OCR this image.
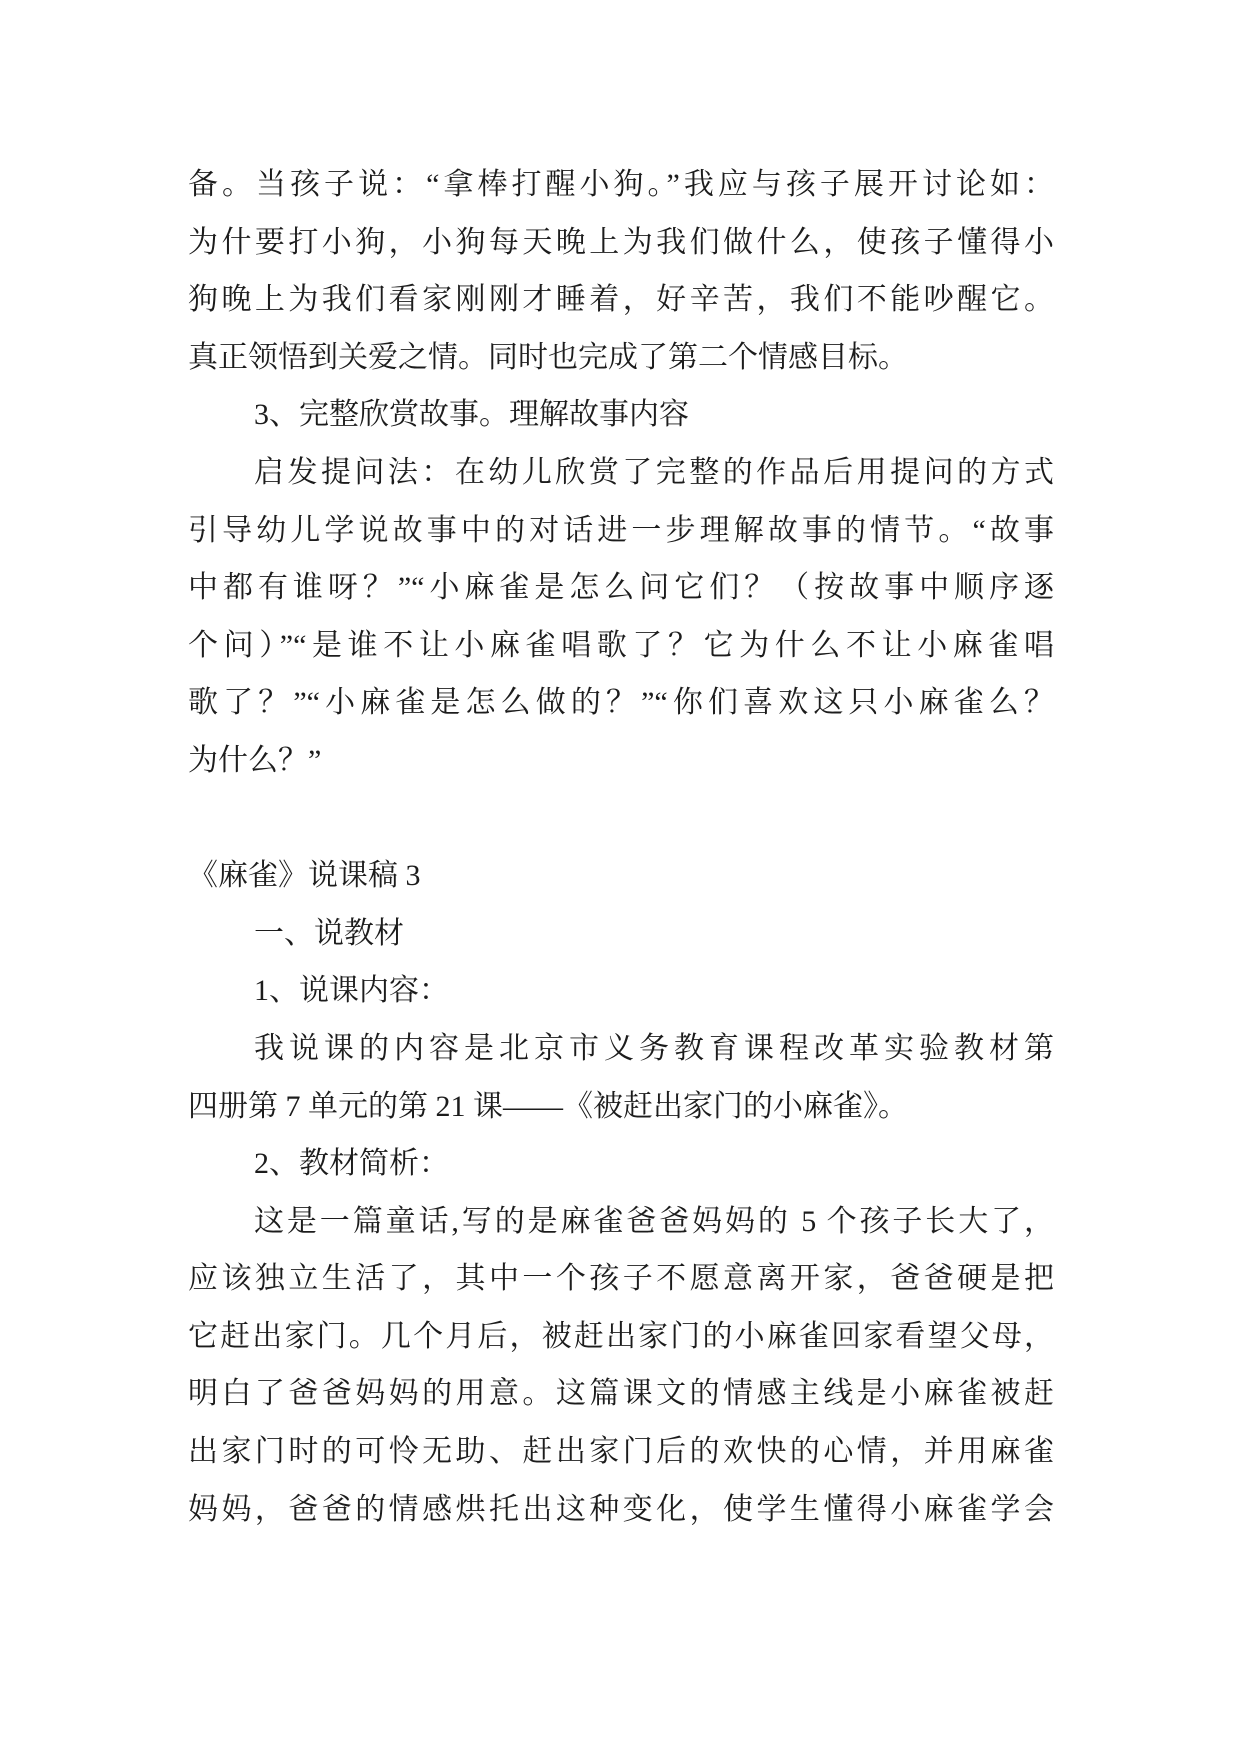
备。当孩子说：“拿棒打醒小狗。”我应与孩子展开讨论如：
为什要打小狗，小狗每天晚上为我们做什么，使孩子懂得小
狗晚上为我们看家刚刚才睡着，好辛苦，我们不能吵醒它。
真正领悟到关爱之情。同时也完成了第二个情感目标。
3、完整欣赏故事。理解故事内容
启发提问法：在幼儿欣赏了完整的作品后用提问的方式
引导幼儿学说故事中的对话进一步理解故事的情节。“故事
中都有谁呀？”“小麻雀是怎么问它们？（按故事中顺序逐
个问）”“是谁不让小麻雀唱歌了？它为什么不让小麻雀唱
歌了？”“小麻雀是怎么做的？”“你们喜欢这只小麻雀么？
为什么？”
《麻雀》说课稿 3
一、说教材
1、说课内容：
我说课的内容是北京市义务教育课程改革实验教材第
四册第 7 单元的第 21 课——《被赶出家门的小麻雀》。
2、教材简析：
这是一篇童话,写的是麻雀爸爸妈妈的 5 个孩子长大了，
应该独立生活了，其中一个孩子不愿意离开家，爸爸硬是把
它赶出家门。几个月后，被赶出家门的小麻雀回家看望父母，
明白了爸爸妈妈的用意。这篇课文的情感主线是小麻雀被赶
出家门时的可怜无助、赶出家门后的欢快的心情，并用麻雀
妈妈，爸爸的情感烘托出这种变化，使学生懂得小麻雀学会
